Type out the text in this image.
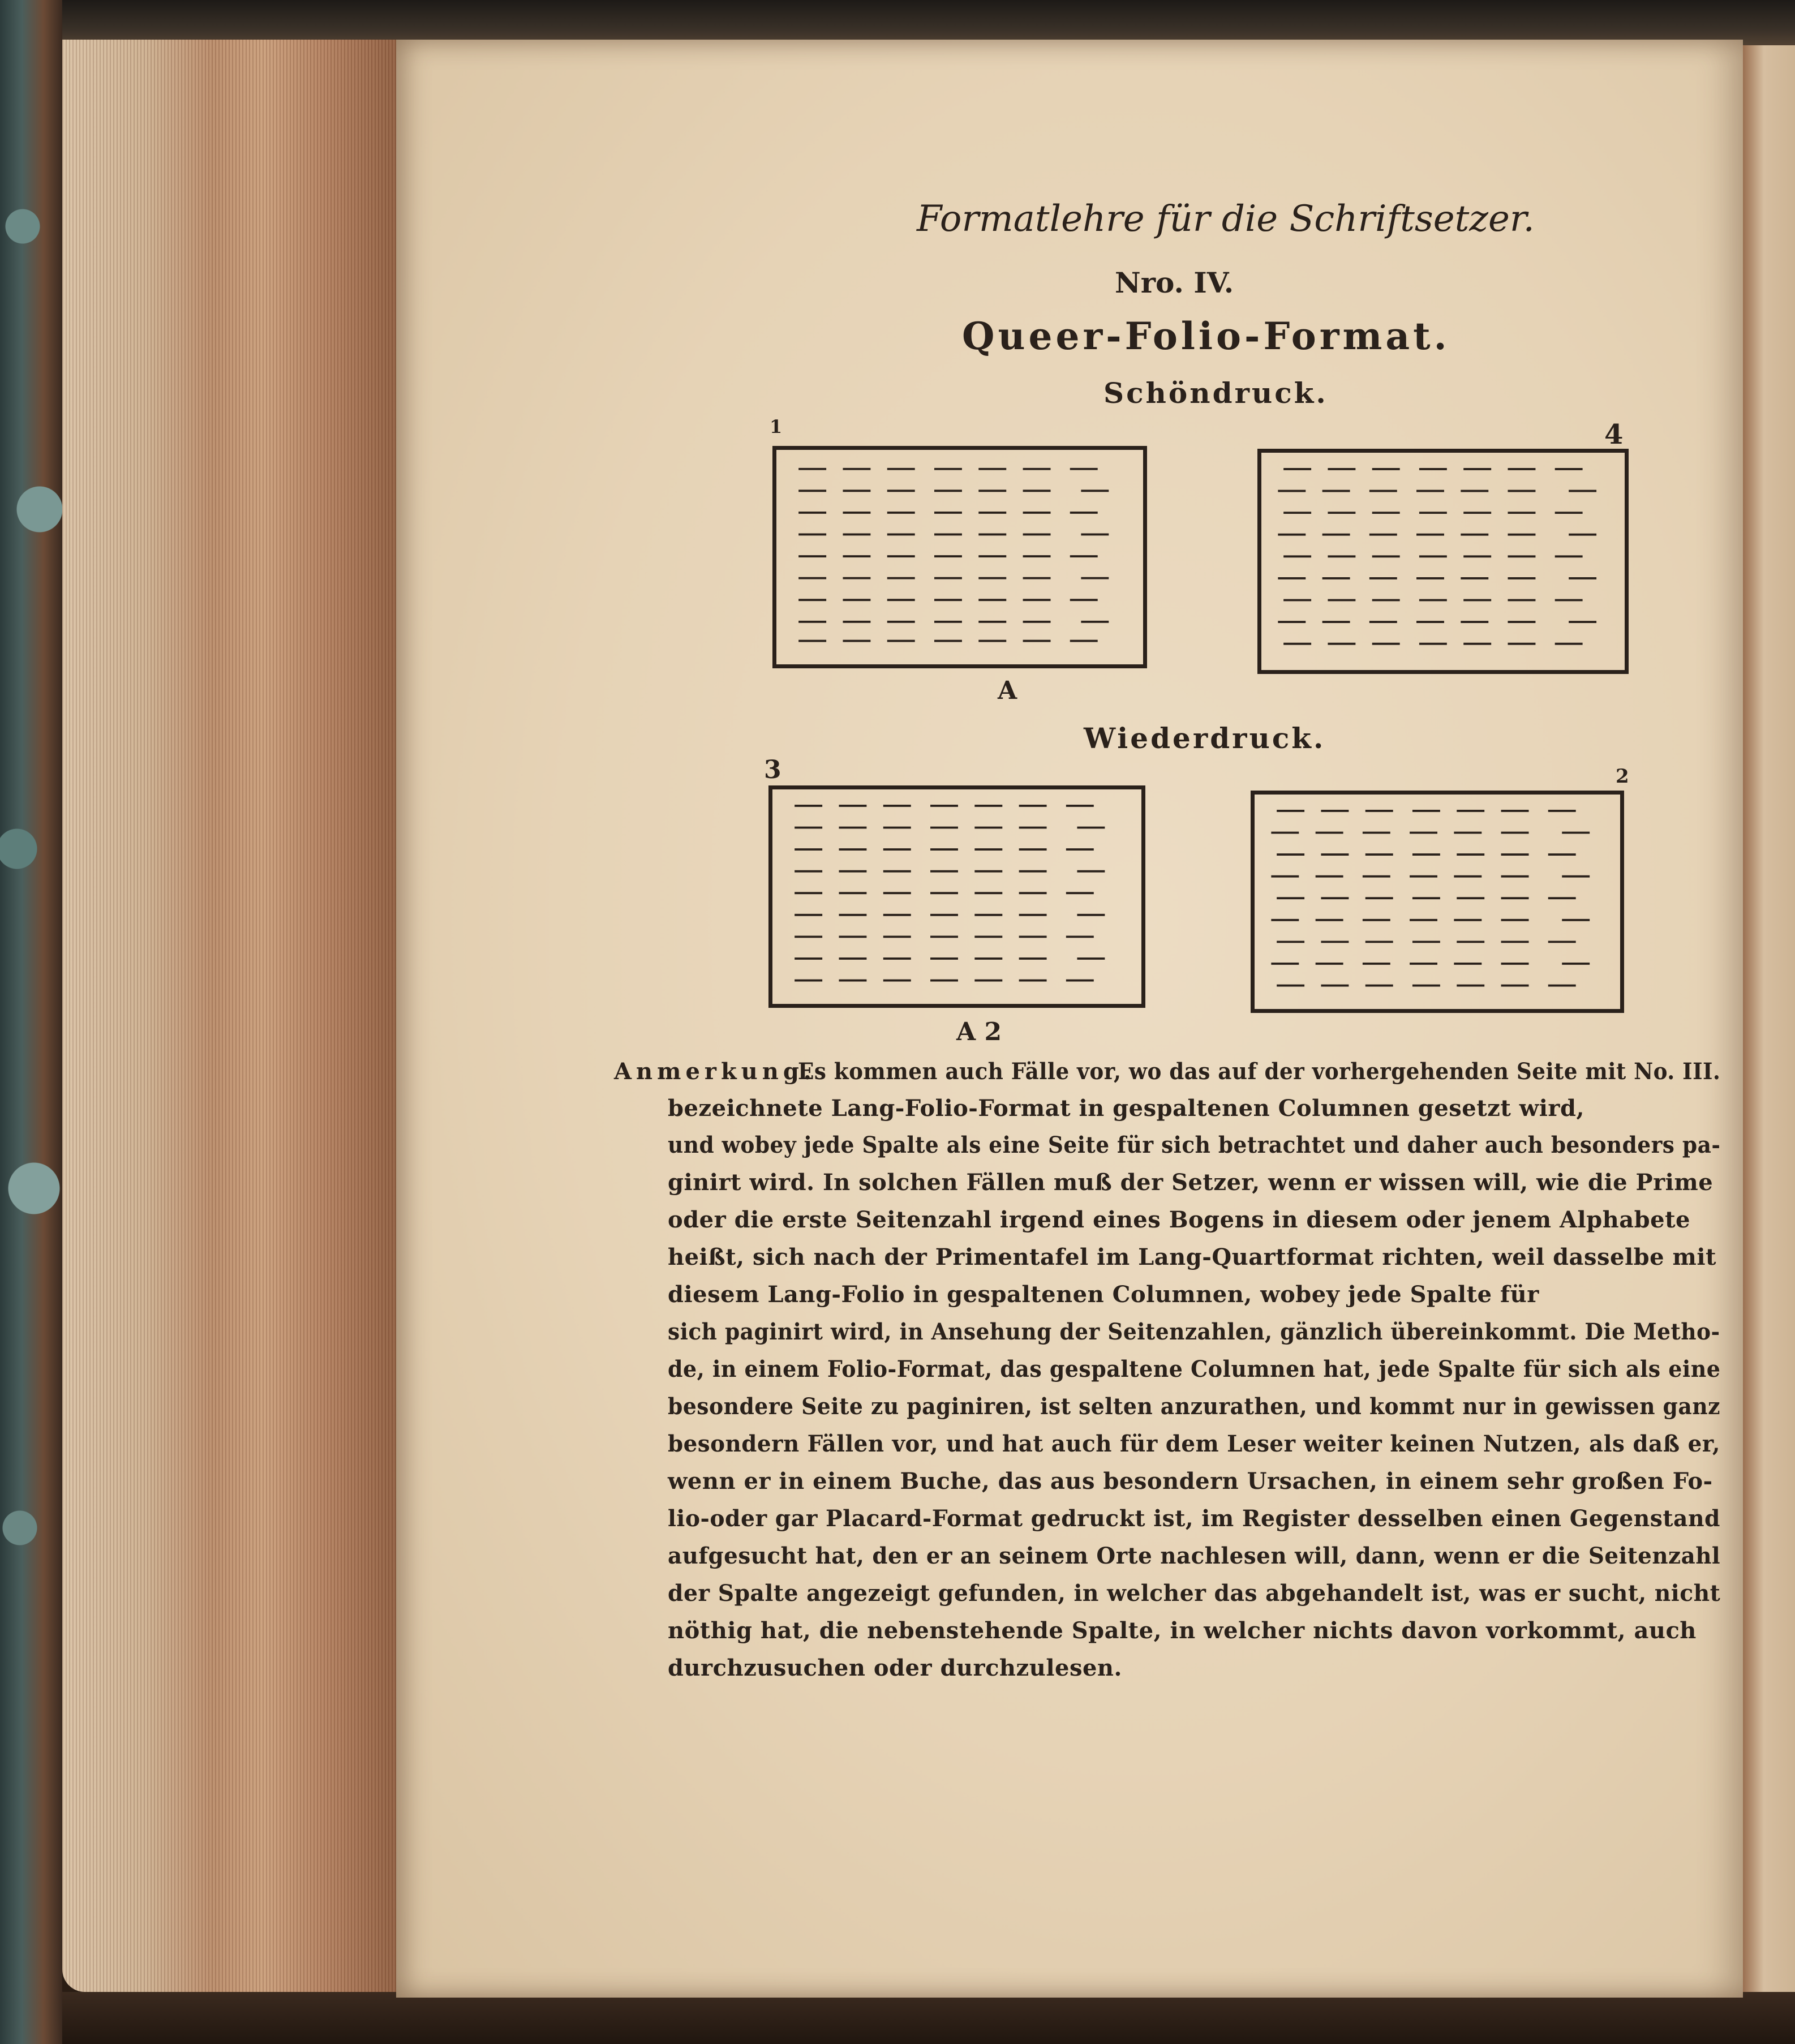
Formatlehre für die Schriftsetzer.
Nro. IV.
Queer-Folio-Format.
Schöndruck.
1	4
A
Wiederdruck.
3	2
A 2
Anmerkung.
Es kommen auch Fälle vor, wo das auf der vorhergehenden Seite mit No. III.
bezeichnete Lang-Folio-Format in gespaltenen Columnen gesetzt wird,
und wobey jede Spalte als eine Seite für sich betrachtet und daher auch besonders pa-
ginirt wird. In solchen Fällen muß der Setzer, wenn er wissen will, wie die Prime
oder die erste Seitenzahl irgend eines Bogens in diesem oder jenem Alphabete
heißt, sich nach der Primentafel im Lang-Quartformat richten, weil dasselbe mit
diesem Lang-Folio in gespaltenen Columnen, wobey jede Spalte für
sich paginirt wird, in Ansehung der Seitenzahlen, gänzlich übereinkommt. Die Metho-
de, in einem Folio-Format, das gespaltene Columnen hat, jede Spalte für sich als eine
besondere Seite zu paginiren, ist selten anzurathen, und kommt nur in gewissen ganz
besondern Fällen vor, und hat auch für dem Leser weiter keinen Nutzen, als daß er,
wenn er in einem Buche, das aus besondern Ursachen, in einem sehr großen Fo-
lio-oder gar Placard-Format gedruckt ist, im Register desselben einen Gegenstand
aufgesucht hat, den er an seinem Orte nachlesen will, dann, wenn er die Seitenzahl
der Spalte angezeigt gefunden, in welcher das abgehandelt ist, was er sucht, nicht
nöthig hat, die nebenstehende Spalte, in welcher nichts davon vorkommt, auch
durchzusuchen oder durchzulesen.
